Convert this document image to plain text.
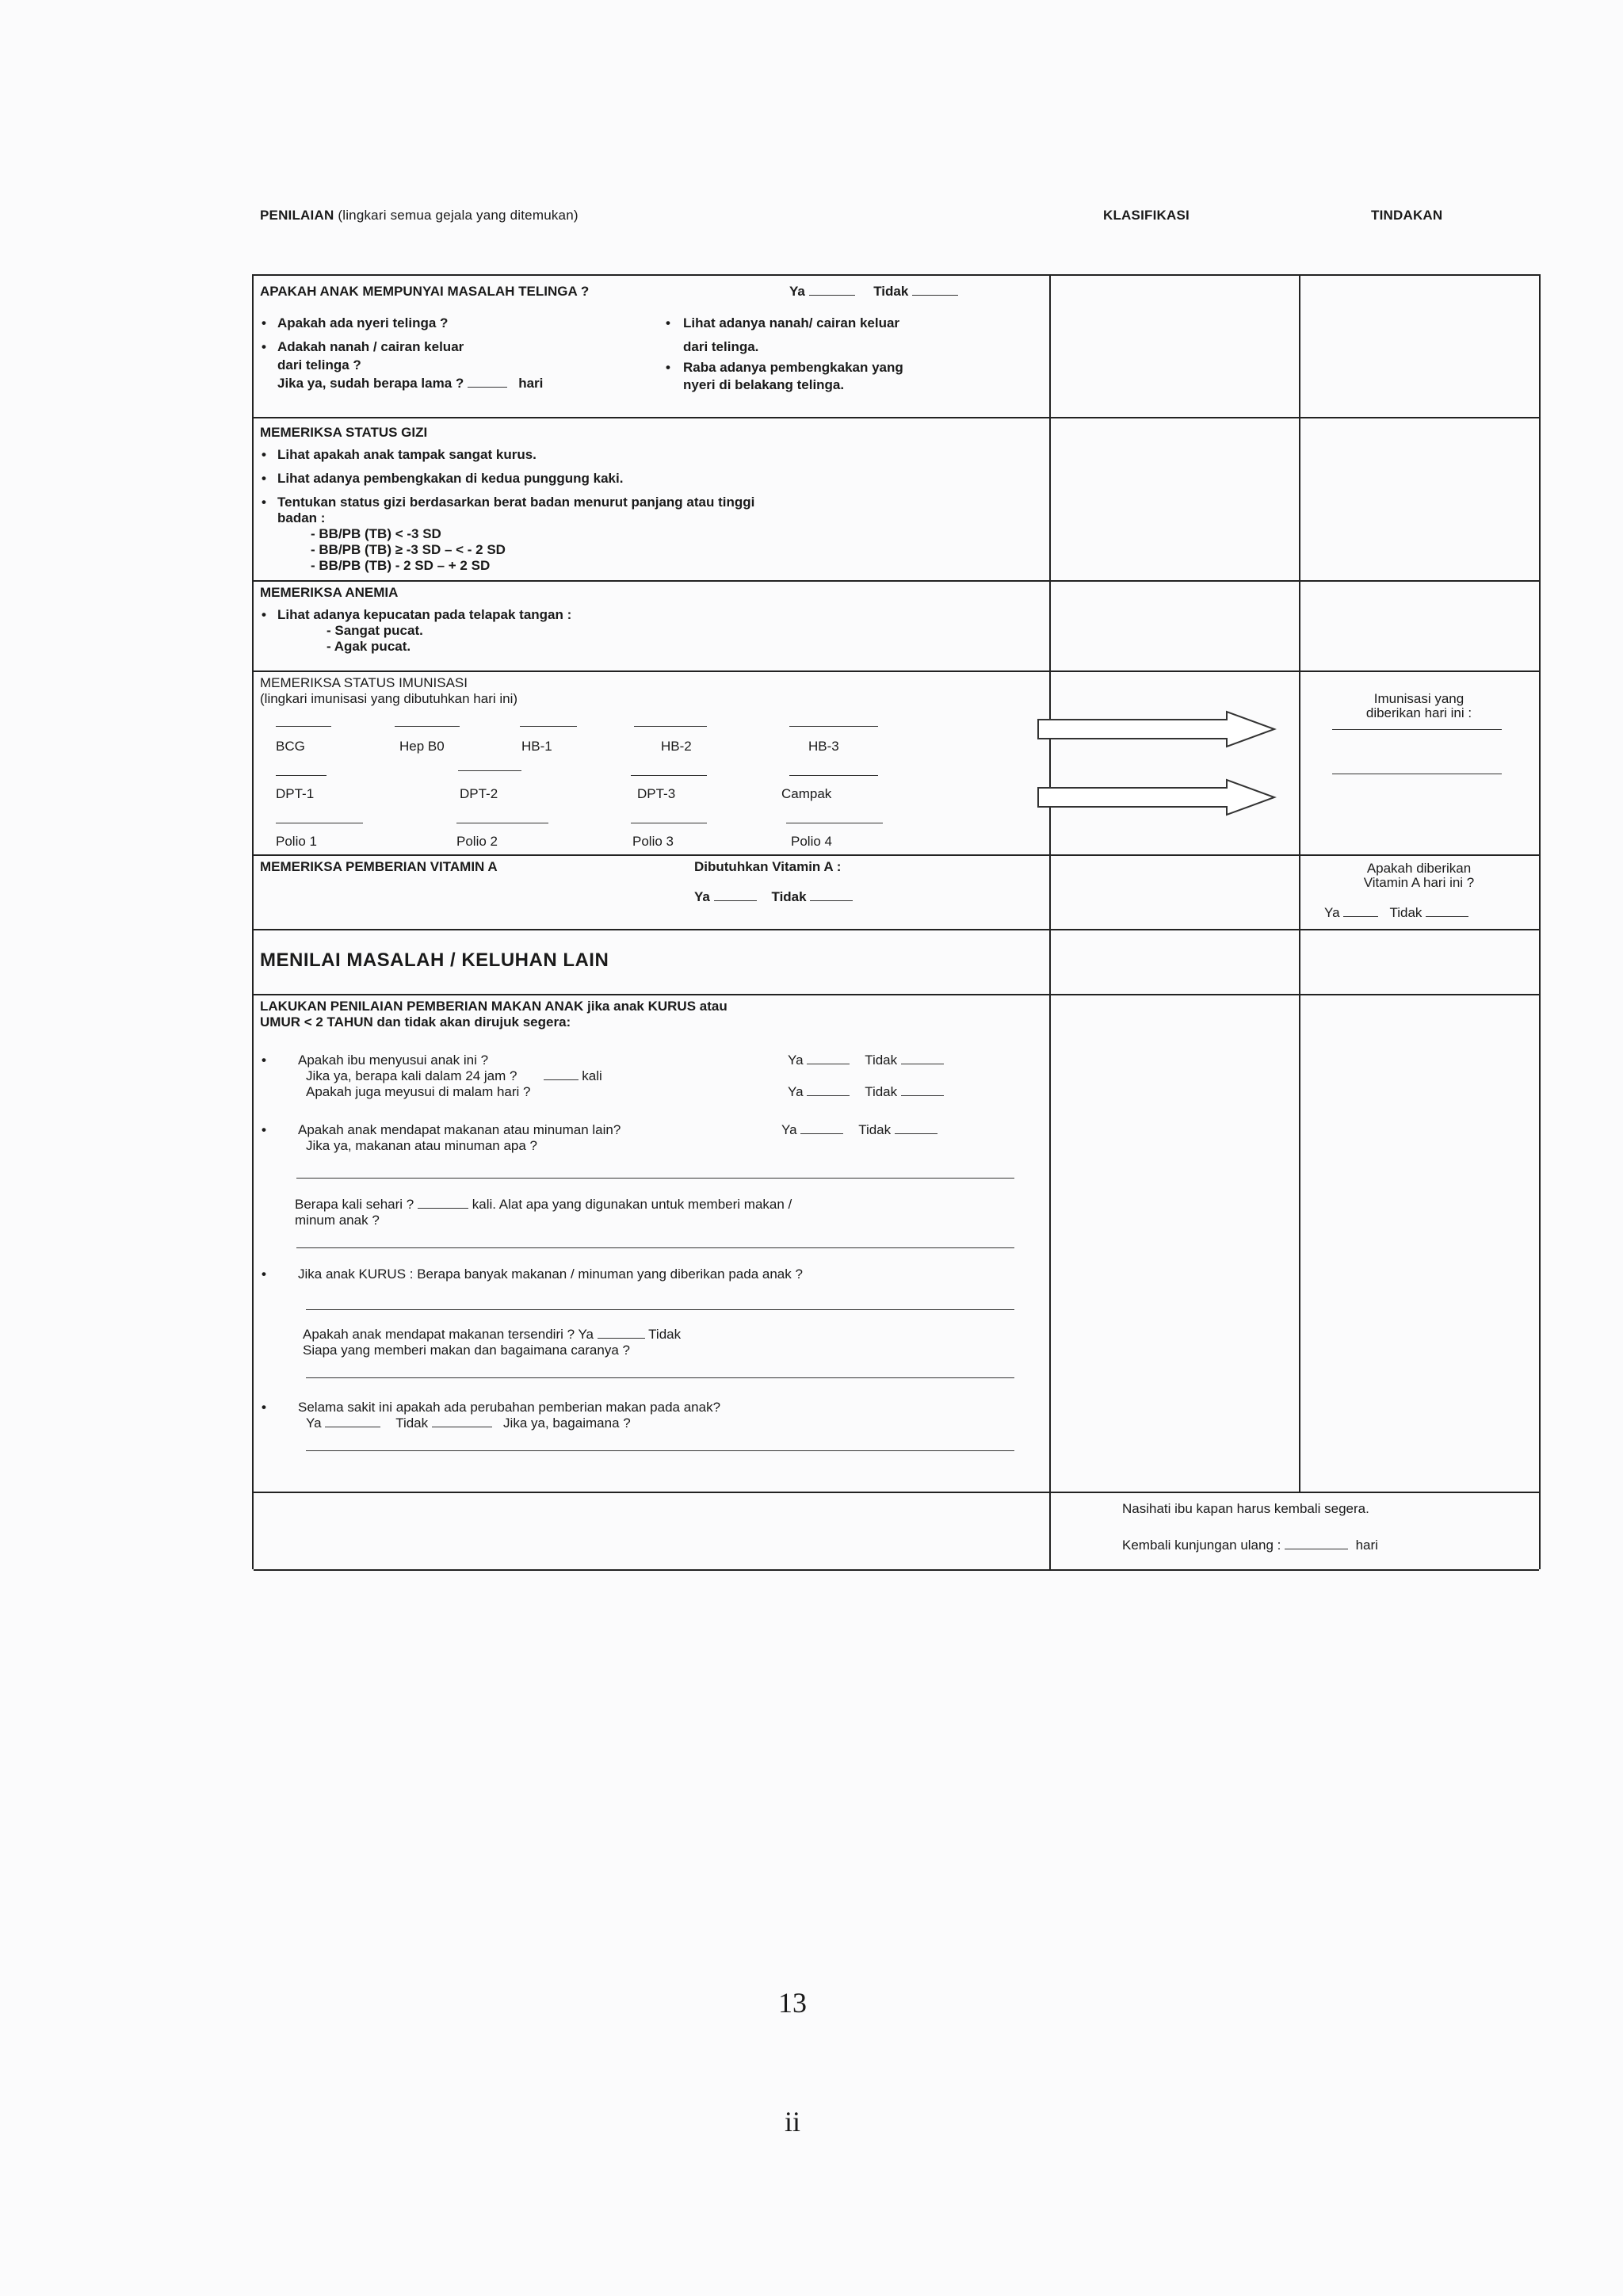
PENILAIAN (lingkari semua gejala yang ditemukan)	KLASIFIKASI	TINDAKAN
APAKAH ANAK MEMPUNYAI MASALAH TELINGA ?	Ya	Tidak
• Apakah ada nyeri telinga ?
• Adakah nanah / cairan keluar
dari telinga ?
Jika ya, sudah berapa lama ?	hari
• Lihat adanya nanah/ cairan keluar
dari telinga.
• Raba adanya pembengkakan yang
nyeri di belakang telinga.
MEMERIKSA STATUS GIZI
• Lihat apakah anak tampak sangat kurus.
• Lihat adanya pembengkakan di kedua punggung kaki.
• Tentukan status gizi berdasarkan berat badan menurut panjang atau tinggi
badan :
- BB/PB (TB) < -3 SD
- BB/PB (TB) ≥ -3 SD – < - 2 SD
- BB/PB (TB) - 2 SD – + 2 SD
MEMERIKSA ANEMIA
• Lihat adanya kepucatan pada telapak tangan :
- Sangat pucat.
- Agak pucat.
MEMERIKSA STATUS IMUNISASI
(lingkari imunisasi yang dibutuhkan hari ini)
BCG	Hep B0	HB-1	HB-2	HB-3
DPT-1	DPT-2	DPT-3	Campak
Polio 1	Polio 2	Polio 3	Polio 4
Imunisasi yang
diberikan hari ini :
MEMERIKSA PEMBERIAN VITAMIN A	Dibutuhkan Vitamin A :
Ya	Tidak
Apakah diberikan
Vitamin A hari ini ?
Ya	Tidak
MENILAI MASALAH / KELUHAN LAIN
LAKUKAN PENILAIAN PEMBERIAN MAKAN ANAK jika anak KURUS atau
UMUR < 2 TAHUN dan tidak akan dirujuk segera:
• Apakah ibu menyusui anak ini ?
Jika ya, berapa kali dalam 24 jam ?	kali
Apakah juga meyusui di malam hari ?
Ya	Tidak
Ya	Tidak
• Apakah anak mendapat makanan atau minuman lain?	Ya	Tidak
Jika ya, makanan atau minuman apa ?
Berapa kali sehari ?	kali. Alat apa yang digunakan untuk memberi makan /
minum anak ?
• Jika anak KURUS : Berapa banyak makanan / minuman yang diberikan pada anak ?
Apakah anak mendapat makanan tersendiri ? Ya	Tidak
Siapa yang memberi makan dan bagaimana caranya ?
• Selama sakit ini apakah ada perubahan pemberian makan pada anak?
Ya	Tidak	Jika ya, bagaimana ?
Nasihati ibu kapan harus kembali segera.
Kembali kunjungan ulang :	hari
13
ii
